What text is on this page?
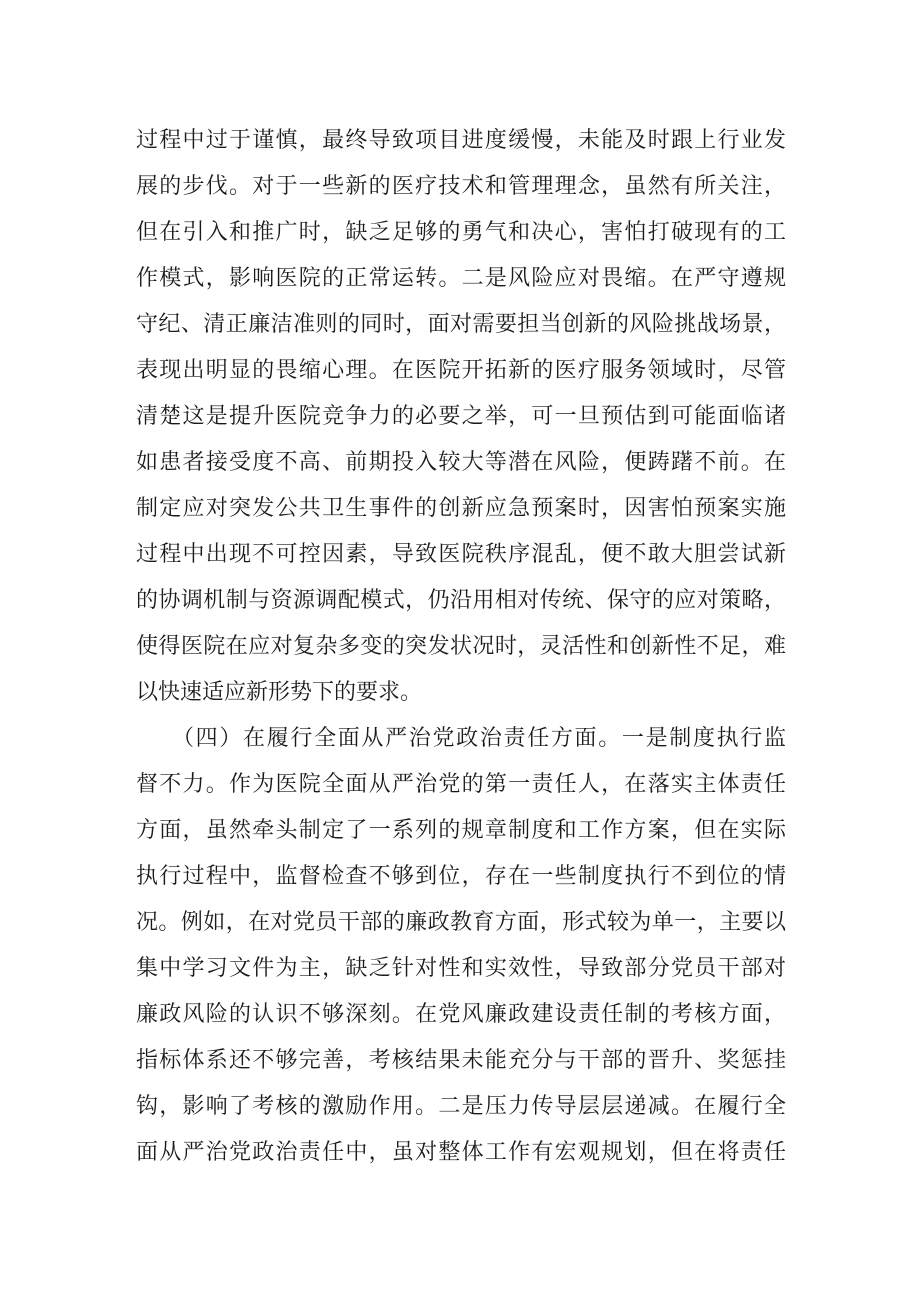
过程中过于谨慎，最终导致项目进度缓慢，未能及时跟上行业发
展的步伐。对于一些新的医疗技术和管理理念，虽然有所关注，
但在引入和推广时，缺乏足够的勇气和决心，害怕打破现有的工
作模式，影响医院的正常运转。二是风险应对畏缩。在严守遵规
守纪、清正廉洁准则的同时，面对需要担当创新的风险挑战场景，
表现出明显的畏缩心理。在医院开拓新的医疗服务领域时，尽管
清楚这是提升医院竞争力的必要之举，可一旦预估到可能面临诸
如患者接受度不高、前期投入较大等潜在风险，便踌躇不前。在
制定应对突发公共卫生事件的创新应急预案时，因害怕预案实施
过程中出现不可控因素，导致医院秩序混乱，便不敢大胆尝试新
的协调机制与资源调配模式，仍沿用相对传统、保守的应对策略，
使得医院在应对复杂多变的突发状况时，灵活性和创新性不足，难
以快速适应新形势下的要求。
（四）在履行全面从严治党政治责任方面。一是制度执行监
督不力。作为医院全面从严治党的第一责任人，在落实主体责任
方面，虽然牵头制定了一系列的规章制度和工作方案，但在实际
执行过程中，监督检查不够到位，存在一些制度执行不到位的情
况。例如，在对党员干部的廉政教育方面，形式较为单一，主要以
集中学习文件为主，缺乏针对性和实效性，导致部分党员干部对
廉政风险的认识不够深刻。在党风廉政建设责任制的考核方面，
指标体系还不够完善，考核结果未能充分与干部的晋升、奖惩挂
钩，影响了考核的激励作用。二是压力传导层层递减。在履行全
面从严治党政治责任中，虽对整体工作有宏观规划，但在将责任
